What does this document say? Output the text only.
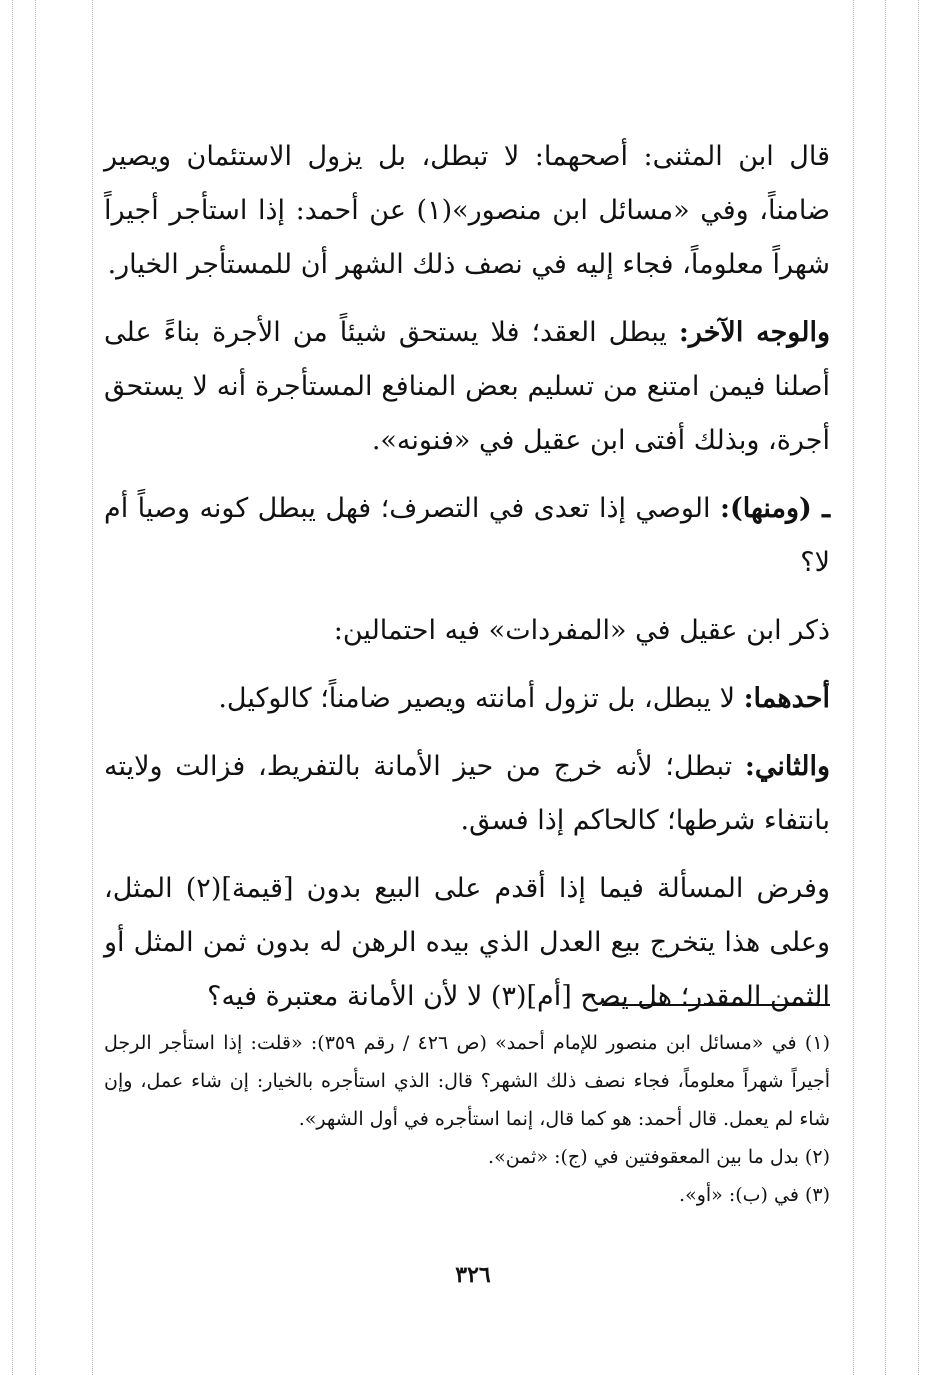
قال ابن المثنى: أصحهما: لا تبطل، بل يزول الاستئمان ويصير ضامناً، وفي «مسائل ابن منصور»(١) عن أحمد: إذا استأجر أجيراً شهراً معلوماً، فجاء إليه في نصف ذلك الشهر أن للمستأجر الخيار.

والوجه الآخر: يبطل العقد؛ فلا يستحق شيئاً من الأجرة بناءً على أصلنا فيمن امتنع من تسليم بعض المنافع المستأجرة أنه لا يستحق أجرة، وبذلك أفتى ابن عقيل في «فنونه».

ـ (ومنها): الوصي إذا تعدى في التصرف؛ فهل يبطل كونه وصياً أم لا؟

ذكر ابن عقيل في «المفردات» فيه احتمالين:

أحدهما: لا يبطل، بل تزول أمانته ويصير ضامناً؛ كالوكيل.

والثاني: تبطل؛ لأنه خرج من حيز الأمانة بالتفريط، فزالت ولايته بانتفاء شرطها؛ كالحاكم إذا فسق.

وفرض المسألة فيما إذا أقدم على البيع بدون [قيمة](٢) المثل، وعلى هذا يتخرج بيع العدل الذي بيده الرهن له بدون ثمن المثل أو الثمن المقدر؛ هل يصح [أم](٣) لا لأن الأمانة معتبرة فيه؟

(١) في «مسائل ابن منصور للإمام أحمد» (ص ٤٢٦ / رقم ٣٥٩): «قلت: إذا استأجر الرجل أجيراً شهراً معلوماً، فجاء نصف ذلك الشهر؟ قال: الذي استأجره بالخيار: إن شاء عمل، وإن شاء لم يعمل. قال أحمد: هو كما قال، إنما استأجره في أول الشهر».

(٢) بدل ما بين المعقوفتين في (ج): «ثمن».

(٣) في (ب): «أو».

٣٢٦
